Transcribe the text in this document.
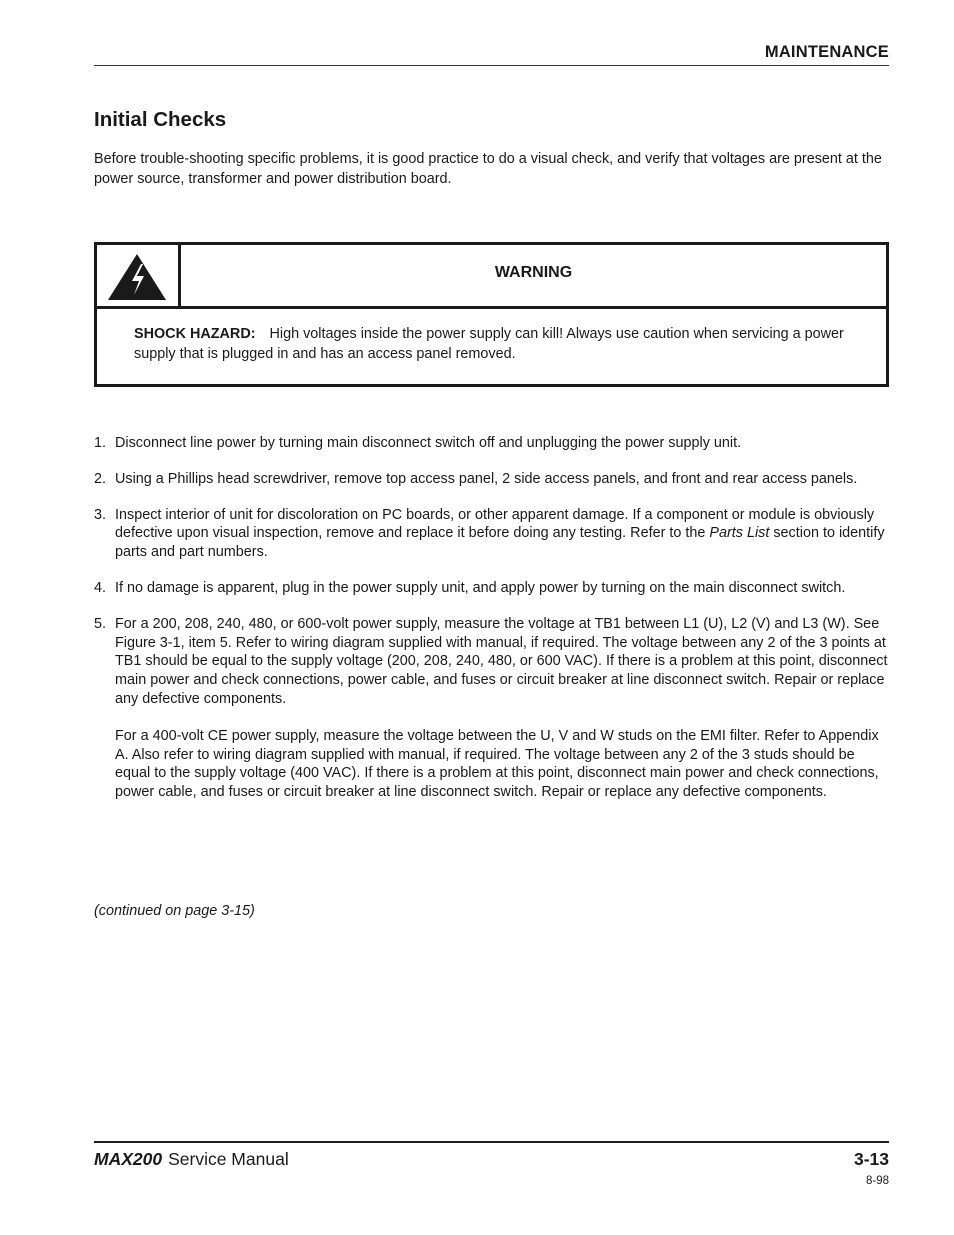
MAINTENANCE
Initial Checks

Before trouble-shooting specific problems, it is good practice to do a visual check, and verify that voltages are present at the power source, transformer and power distribution board.

WARNING
SHOCK HAZARD: High voltages inside the power supply can kill! Always use caution when servicing a power supply that is plugged in and has an access panel removed.
1. Disconnect line power by turning main disconnect switch off and unplugging the power supply unit.
2. Using a Phillips head screwdriver, remove top access panel, 2 side access panels, and front and rear access panels.
3. Inspect interior of unit for discoloration on PC boards, or other apparent damage. If a component or module is obviously defective upon visual inspection, remove and replace it before doing any testing. Refer to the Parts List section to identify parts and part numbers.
4. If no damage is apparent, plug in the power supply unit, and apply power by turning on the main disconnect switch.
5. For a 200, 208, 240, 480, or 600-volt power supply, measure the voltage at TB1 between L1 (U), L2 (V) and L3 (W). See Figure 3-1, item 5. Refer to wiring diagram supplied with manual, if required. The voltage between any 2 of the 3 points at TB1 should be equal to the supply voltage (200, 208, 240, 480, or 600 VAC). If there is a problem at this point, disconnect main power and check connections, power cable, and fuses or circuit breaker at line disconnect switch. Repair or replace any defective components.
For a 400-volt CE power supply, measure the voltage between the U, V and W studs on the EMI filter. Refer to Appendix A. Also refer to wiring diagram supplied with manual, if required. The voltage between any 2 of the 3 studs should be equal to the supply voltage (400 VAC). If there is a problem at this point, disconnect main power and check connections, power cable, and fuses or circuit breaker at line disconnect switch. Repair or replace any defective components.
(continued on page 3-15)
MAX200 Service Manual	3-13
8-98
